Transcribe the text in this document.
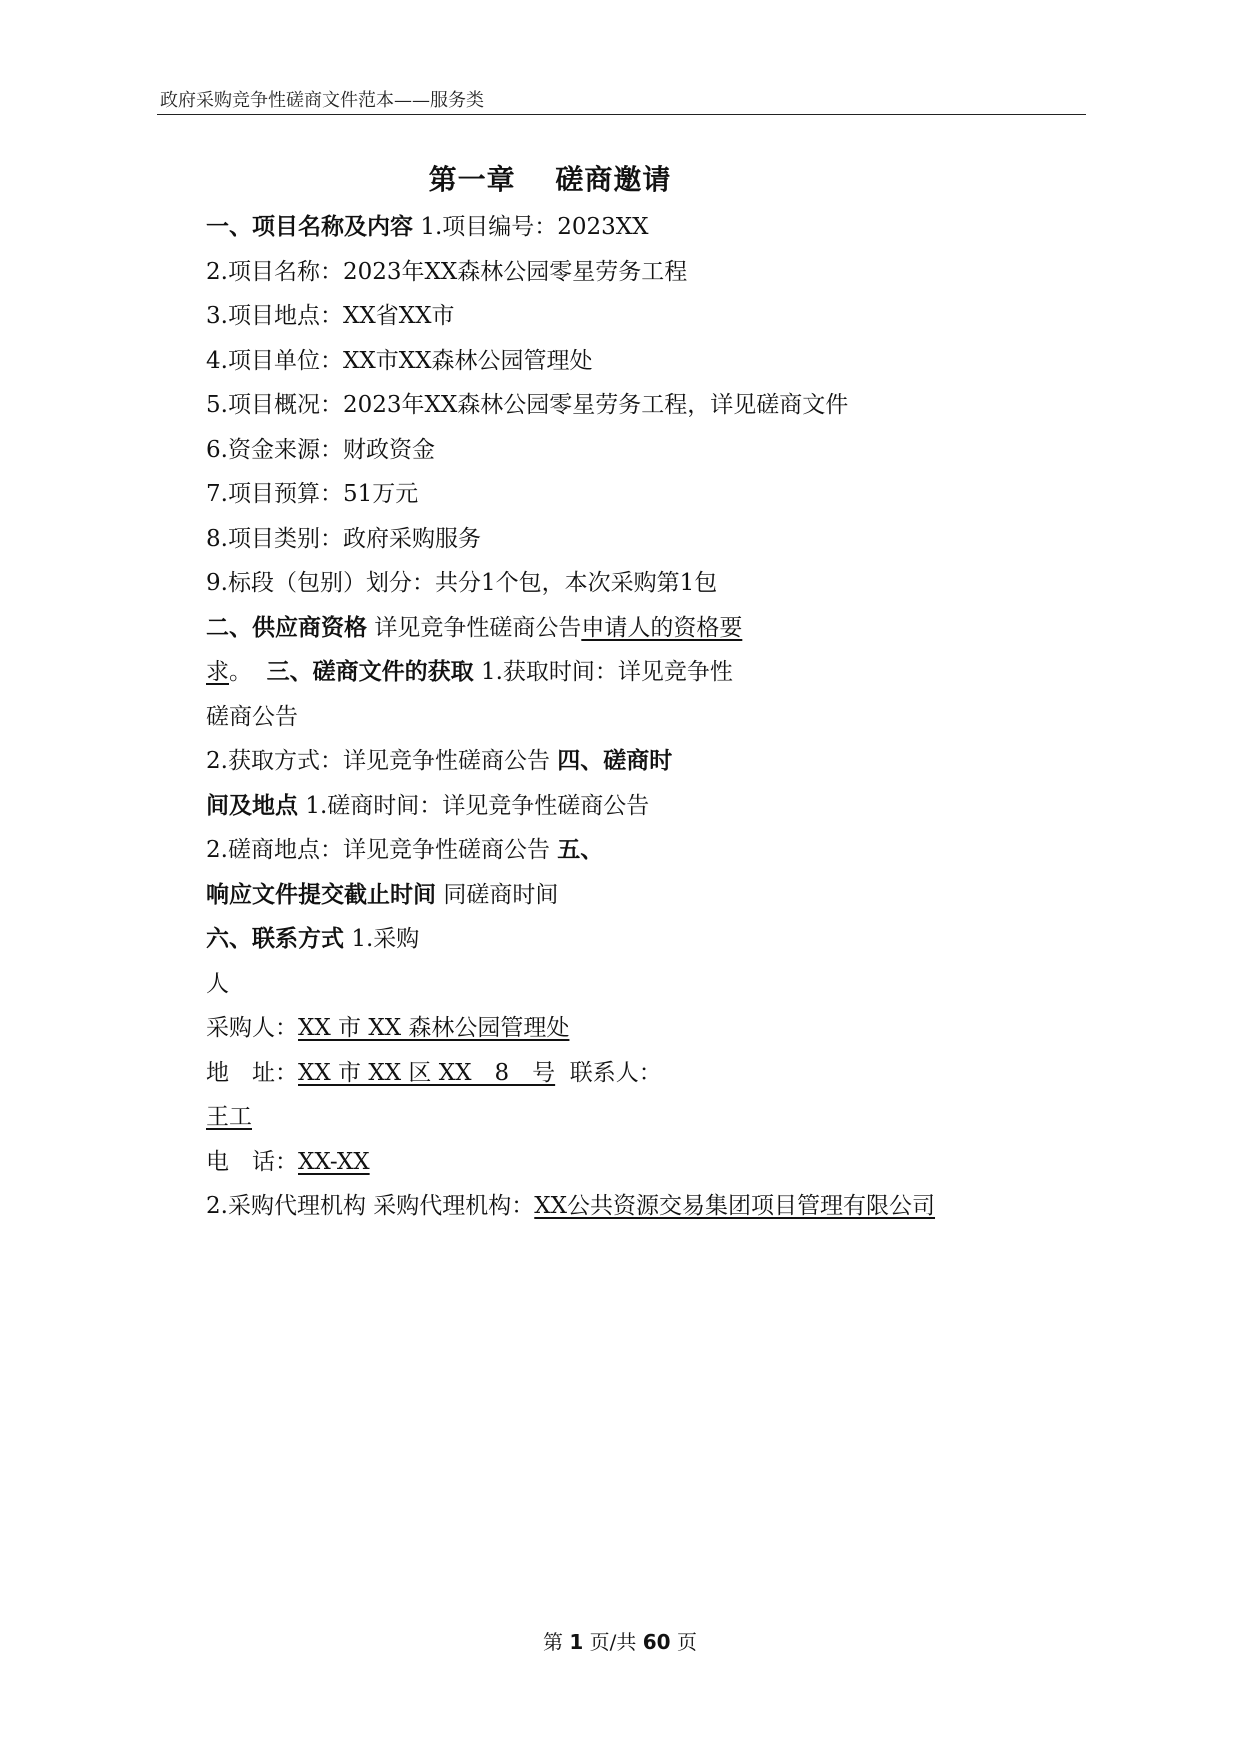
政府采购竞争性磋商文件范本——服务类
第一章　 磋商邀请
一、项目名称及内容 1.项目编号：2023XX
2.项目名称：2023年XX森林公园零星劳务工程
3.项目地点：XX省XX市
4.项目单位：XX市XX森林公园管理处
5.项目概况：2023年XX森林公园零星劳务工程，详见磋商文件
6.资金来源：财政资金
7.项目预算：51万元
8.项目类别：政府采购服务
9.标段（包别）划分：共分1个包，本次采购第1包
二、供应商资格 详见竞争性磋商公告申请人的资格要
求。 三、磋商文件的获取 1.获取时间：详见竞争性
磋商公告
2.获取方式：详见竞争性磋商公告 四、磋商时
间及地点 1.磋商时间：详见竞争性磋商公告
2.磋商地点：详见竞争性磋商公告 五、
响应文件提交截止时间 同磋商时间
六、联系方式 1.采购
人
采购人：XX 市 XX 森林公园管理处
地　址：XX 市 XX 区 XX　8　号 联系人：
王工
电　话：XX-XX
2.采购代理机构 采购代理机构：XX公共资源交易集团项目管理有限公司
第 1 页/共 60 页
